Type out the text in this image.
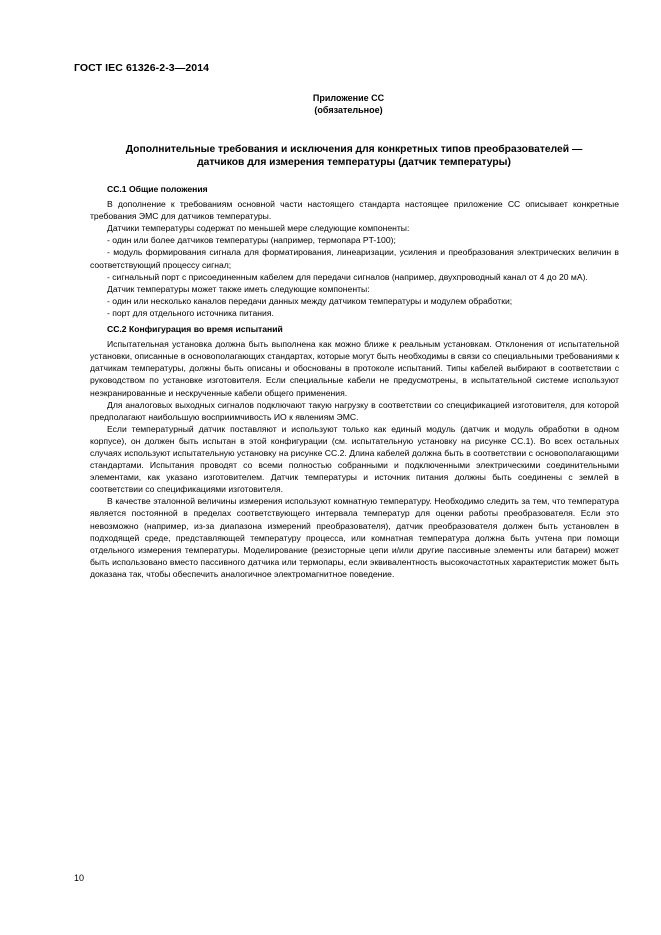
ГОСТ IEC 61326-2-3—2014
Приложение СС
(обязательное)
Дополнительные требования и исключения для конкретных типов преобразователей —
датчиков для измерения температуры (датчик температуры)
СС.1 Общие положения

В дополнение к требованиям основной части настоящего стандарта настоящее приложение СС описывает конкретные требования ЭМС для датчиков температуры.

Датчики температуры содержат по меньшей мере следующие компоненты:

- один или более датчиков температуры (например, термопара PT-100);

- модуль формирования сигнала для форматирования, линеаризации, усиления и преобразования электрических величин в соответствующий процессу сигнал;

- сигнальный порт с присоединенным кабелем для передачи сигналов (например, двухпроводный канал от 4 до 20 мА).

Датчик температуры может также иметь следующие компоненты:

- один или несколько каналов передачи данных между датчиком температуры и модулем обработки;

- порт для отдельного источника питания.

СС.2 Конфигурация во время испытаний

Испытательная установка должна быть выполнена как можно ближе к реальным установкам. Отклонения от испытательной установки, описанные в основополагающих стандартах, которые могут быть необходимы в связи со специальными требованиями к датчикам температуры, должны быть описаны и обоснованы в протоколе испытаний. Типы кабелей выбирают в соответствии с руководством по установке изготовителя. Если специальные кабели не предусмотрены, в испытательной системе используют неэкранированные и нескрученные кабели общего применения.

Для аналоговых выходных сигналов подключают такую нагрузку в соответствии со спецификацией изготовителя, для которой предполагают наибольшую восприимчивость ИО к явлениям ЭМС.

Если температурный датчик поставляют и используют только как единый модуль (датчик и модуль обработки в одном корпусе), он должен быть испытан в этой конфигурации (см. испытательную установку на рисунке СС.1). Во всех остальных случаях используют испытательную установку на рисунке СС.2. Длина кабелей должна быть в соответствии с основополагающими стандартами. Испытания проводят со всеми полностью собранными и подключенными электрическими соединительными элементами, как указано изготовителем. Датчик температуры и источник питания должны быть соединены с землей в соответствии со спецификациями изготовителя.

В качестве эталонной величины измерения используют комнатную температуру. Необходимо следить за тем, что температура является постоянной в пределах соответствующего интервала температур для оценки работы преобразователя. Если это невозможно (например, из-за диапазона измерений преобразователя), датчик преобразователя должен быть установлен в подходящей среде, представляющей температуру процесса, или комнатная температура должна быть учтена при помощи отдельного измерения температуры. Моделирование (резисторные цепи и/или другие пассивные элементы или батареи) может быть использовано вместо пассивного датчика или термопары, если эквивалентность высокочастотных характеристик может быть доказана так, чтобы обеспечить аналогичное электромагнитное поведение.

10
